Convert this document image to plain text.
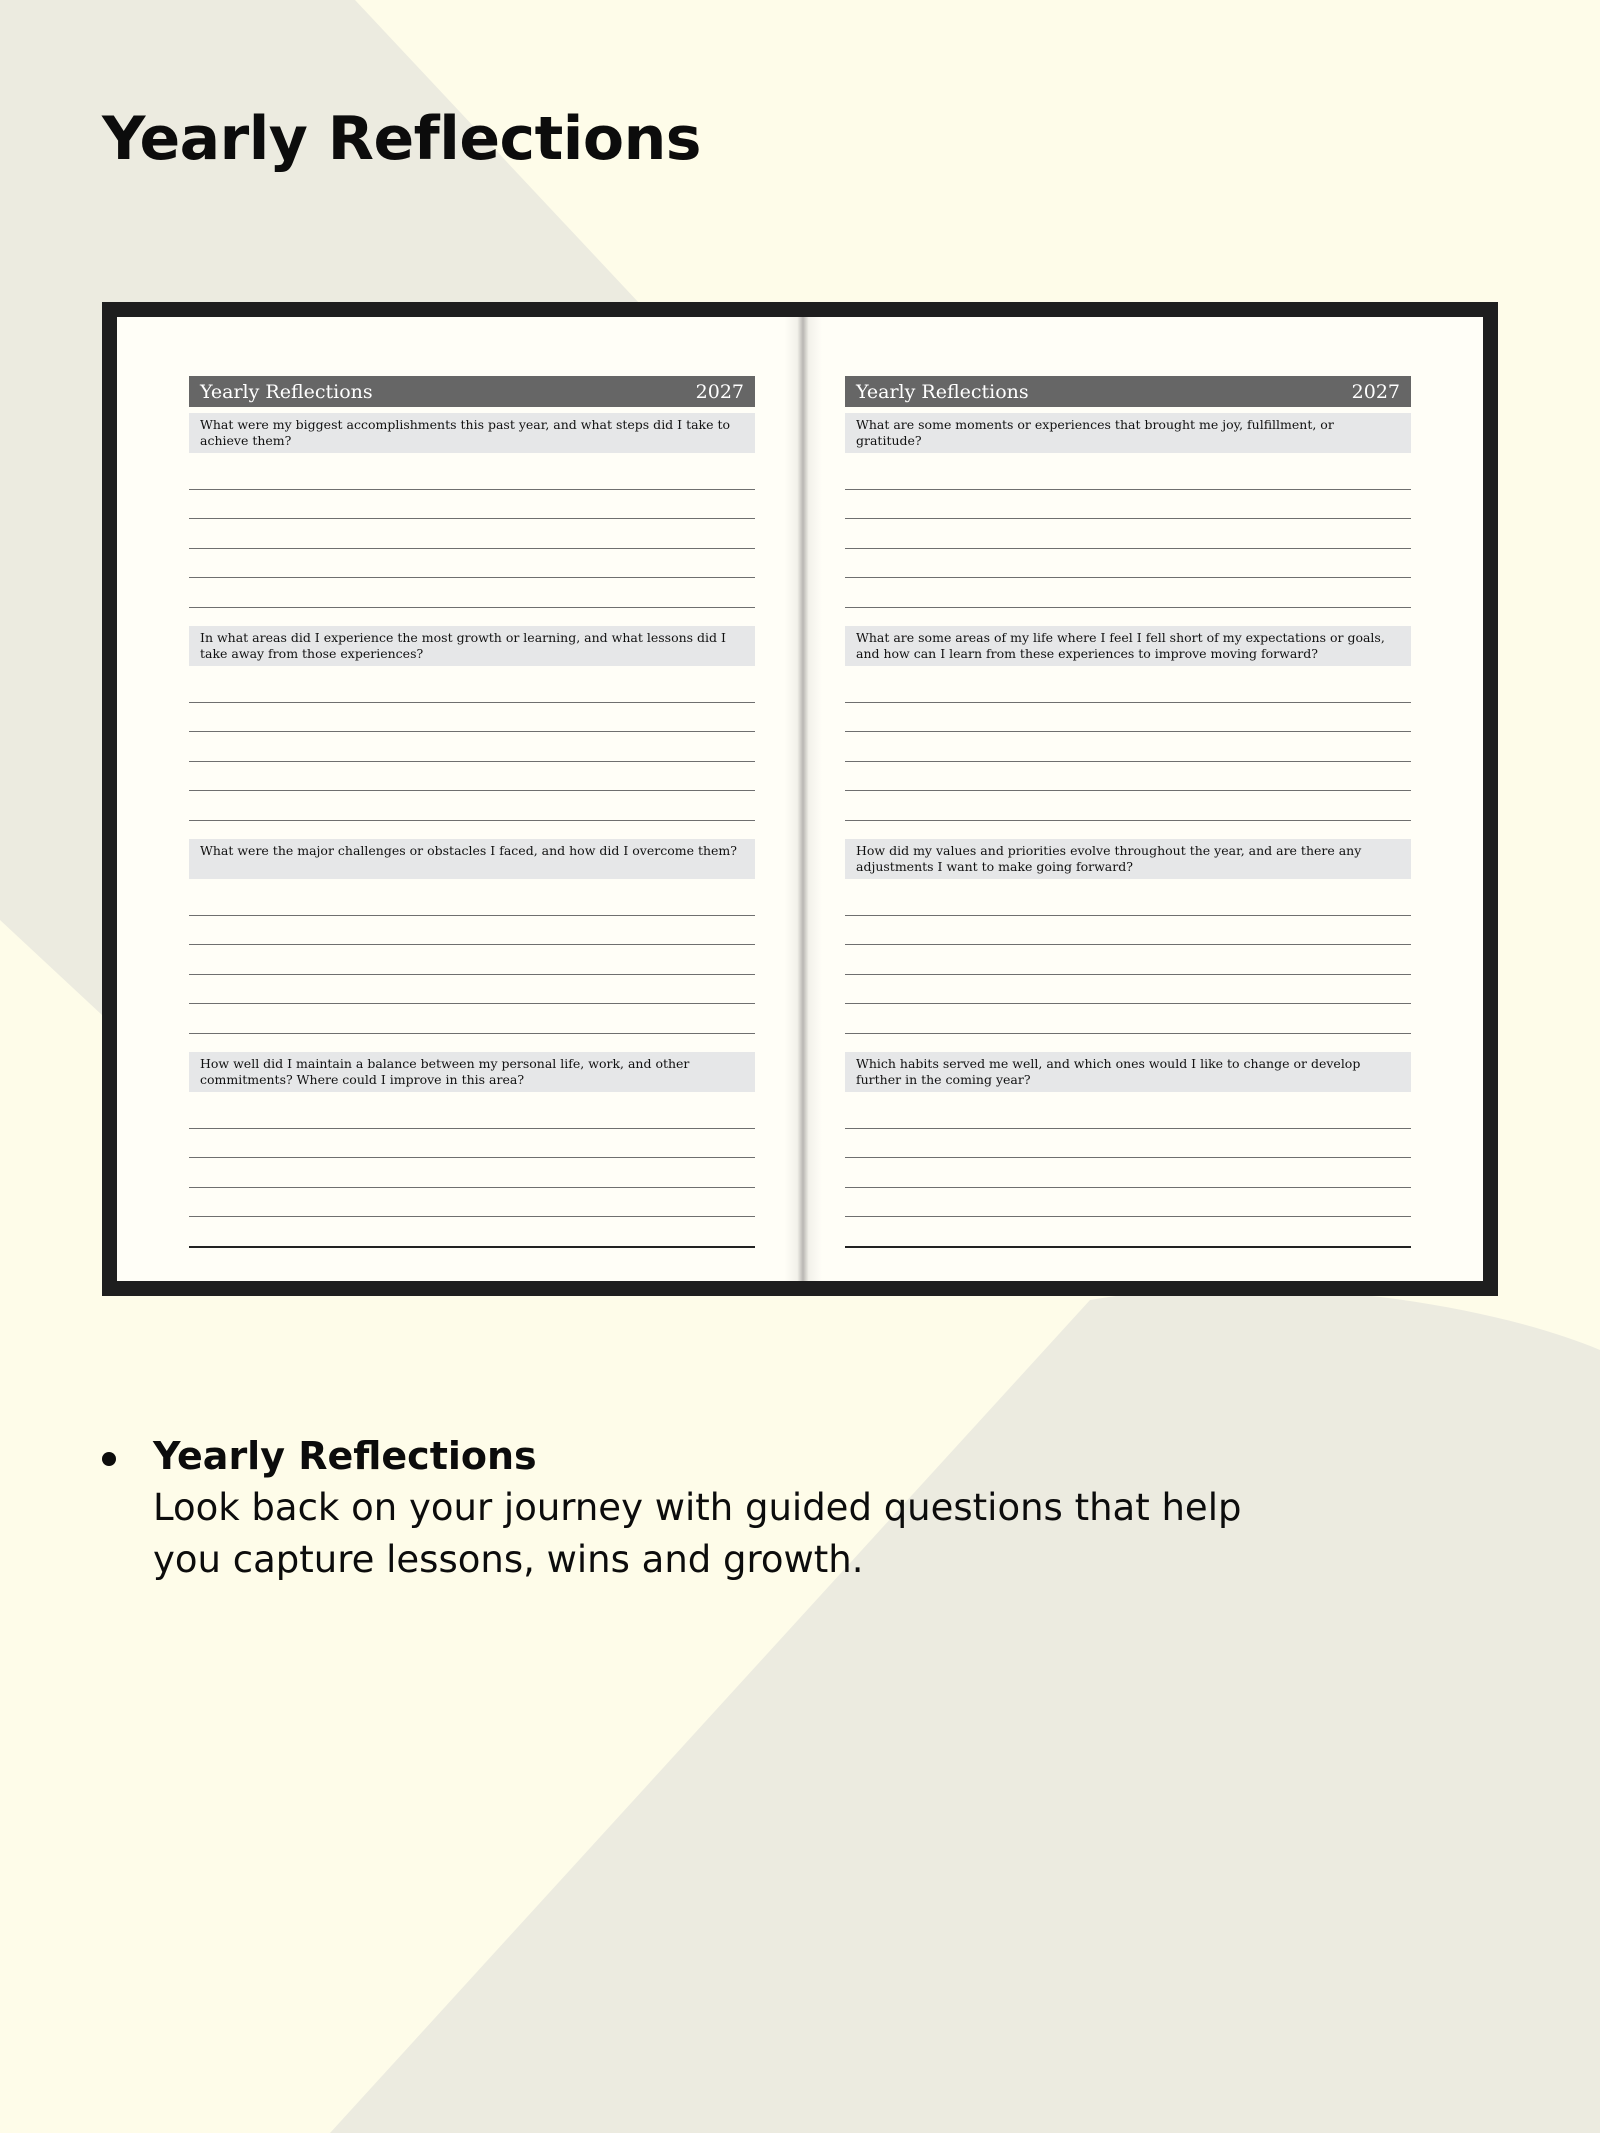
Yearly Reflections
Yearly Reflections	2027
What were my biggest accomplishments this past year, and what steps did I take to achieve them?
In what areas did I experience the most growth or learning, and what lessons did I take away from those experiences?
What were the major challenges or obstacles I faced, and how did I overcome them?
How well did I maintain a balance between my personal life, work, and other commitments? Where could I improve in this area?
Yearly Reflections	2027
What are some moments or experiences that brought me joy, fulfillment, or gratitude?
What are some areas of my life where I feel I fell short of my expectations or goals, and how can I learn from these experiences to improve moving forward?
How did my values and priorities evolve throughout the year, and are there any adjustments I want to make going forward?
Which habits served me well, and which ones would I like to change or develop further in the coming year?
Yearly Reflections
Look back on your journey with guided questions that help you capture lessons, wins and growth.
